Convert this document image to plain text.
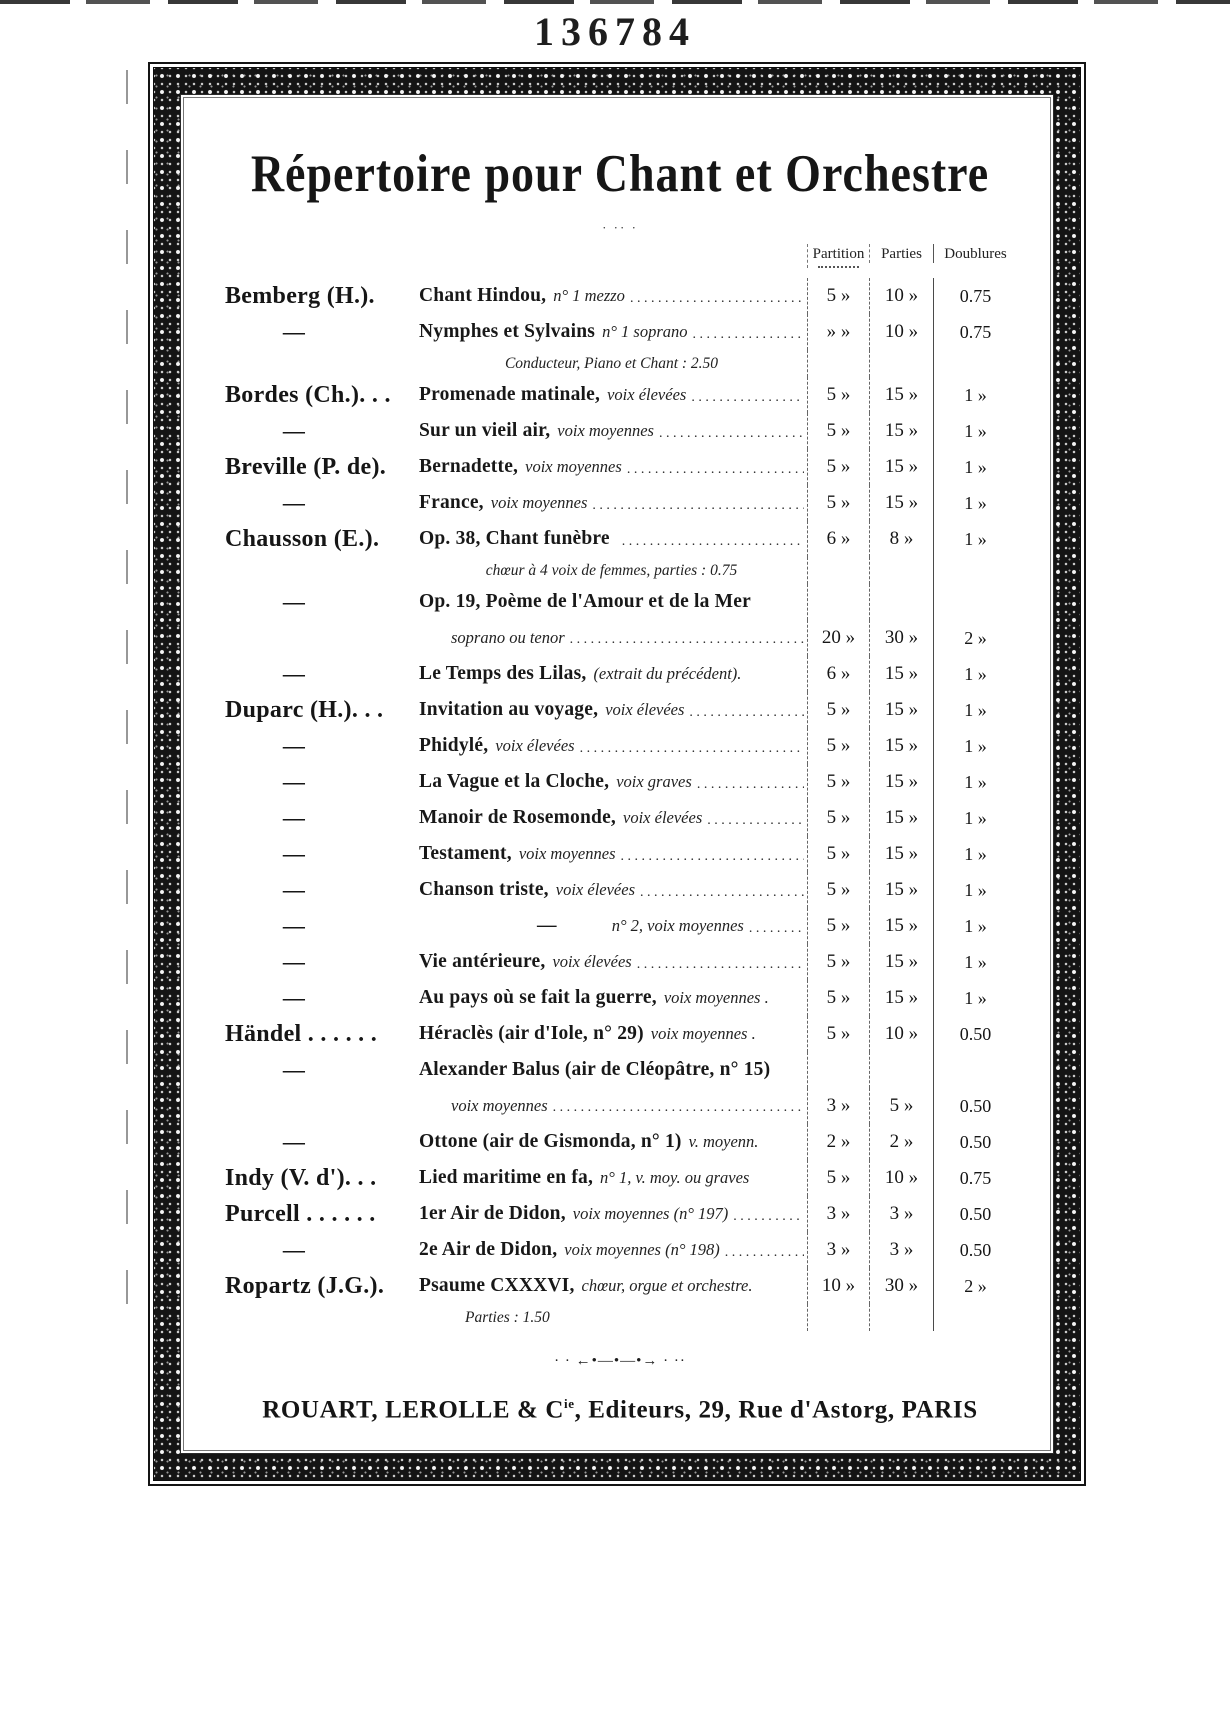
136784
Répertoire pour Chant et Orchestre
· ·· ·
Partition	Parties	Doublures
Bemberg (H.).	Chant Hindou, n° 1 mezzo .....	5 »	10 »	0.75
—	Nymphes et Sylvains n° 1 soprano .....	» »	10 »	0.75
Conducteur, Piano et Chant : 2.50
Bordes (Ch.). . .	Promenade matinale, voix élevées .....	5 »	15 »	1 »
—	Sur un vieil air, voix moyennes .....	5 »	15 »	1 »
Breville (P. de).	Bernadette, voix moyennes .....	5 »	15 »	1 »
—	France, voix moyennes .....	5 »	15 »	1 »
Chausson (E.).	Op. 38, Chant funèbre .....	6 »	8 »	1 »
chœur à 4 voix de femmes, parties : 0.75
—	Op. 19, Poème de l'Amour et de la Mer
soprano ou tenor .....	20 »	30 »	2 »
—	Le Temps des Lilas, (extrait du précédent).	6 »	15 »	1 »
Duparc (H.). . .	Invitation au voyage, voix élevées .....	5 »	15 »	1 »
—	Phidylé, voix élevées .....	5 »	15 »	1 »
—	La Vague et la Cloche, voix graves .....	5 »	15 »	1 »
—	Manoir de Rosemonde, voix élevées .....	5 »	15 »	1 »
—	Testament, voix moyennes .....	5 »	15 »	1 »
—	Chanson triste, voix élevées .....	5 »	15 »	1 »
—	—	n° 2, voix moyennes .....	5 »	15 »	1 »
—	Vie antérieure, voix élevées .....	5 »	15 »	1 »
—	Au pays où se fait la guerre, voix moyennes .	5 »	15 »	1 »
Händel . . . . . .	Héraclès (air d'Iole, n° 29) voix moyennes .	5 »	10 »	0.50
—	Alexander Balus (air de Cléopâtre, n° 15)
voix moyennes .....	3 »	5 »	0.50
—	Ottone (air de Gismonda, n° 1) v. moyenn.	2 »	2 »	0.50
Indy (V. d'). . .	Lied maritime en fa, n° 1, v. moy. ou graves	5 »	10 »	0.75
Purcell . . . . . .	1er Air de Didon, voix moyennes (n° 197) .....	3 »	3 »	0.50
—	2e Air de Didon, voix moyennes (n° 198) .....	3 »	3 »	0.50
Ropartz (J.G.).	Psaume CXXXVI, chœur, orgue et orchestre.	10 »	30 »	2 »
Parties : 1.50
· · ←•—•—•→ · ··
ROUART, LEROLLE & $C^{ie}$, Editeurs, 29, Rue d'Astorg, PARIS
